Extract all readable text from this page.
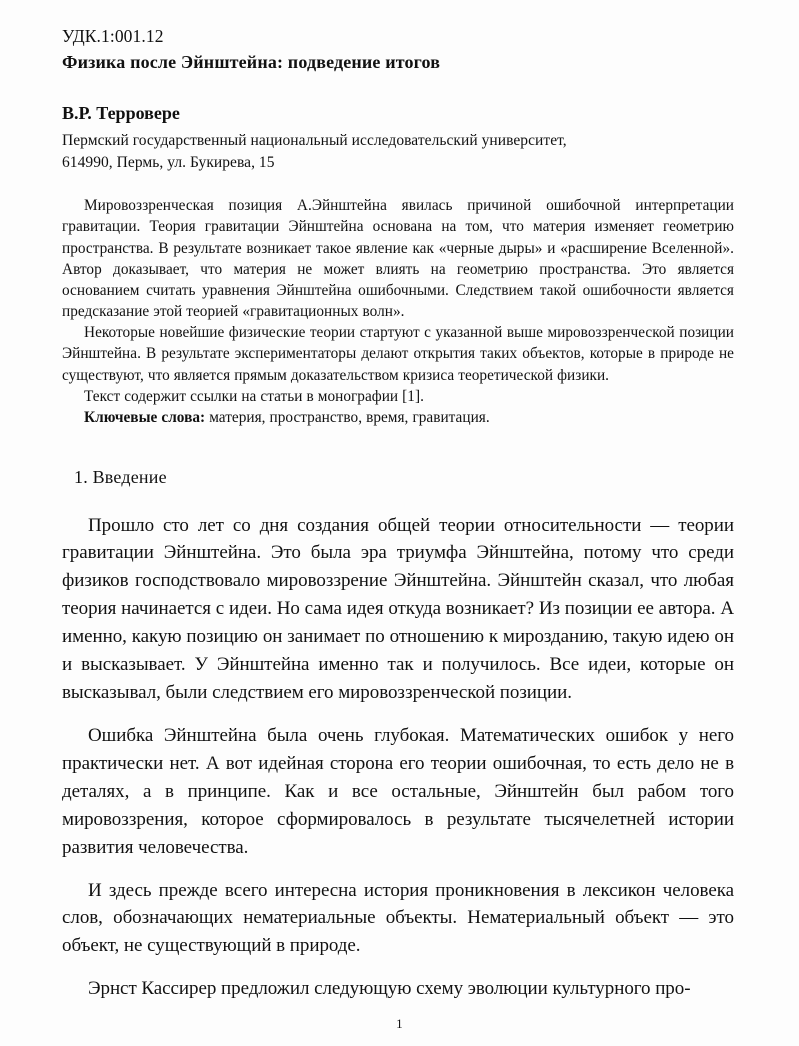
УДК.1:001.12
Физика после Эйнштейна: подведение итогов
В.Р. Терровере
Пермский государственный национальный исследовательский университет,
614990, Пермь, ул. Букирева, 15

Мировоззренческая позиция А.Эйнштейна явилась причиной ошибочной интерпретации гравитации. Теория гравитации Эйнштейна основана на том, что материя изменяет геометрию пространства. В результате возникает такое явление как «черные дыры» и «расширение Вселенной». Автор доказывает, что материя не может влиять на геометрию пространства. Это является основанием считать уравнения Эйнштейна ошибочными. Следствием такой ошибочности является предсказание этой теорией «гравитационных волн».

Некоторые новейшие физические теории стартуют с указанной выше мировоззренческой позиции Эйнштейна. В результате экспериментаторы делают открытия таких объектов, которые в природе не существуют, что является прямым доказательством кризиса теоретической физики.

Текст содержит ссылки на статьи в монографии [1].

Ключевые слова: материя, пространство, время, гравитация.

1. Введение

Прошло сто лет со дня создания общей теории относительности — теории гравитации Эйнштейна. Это была эра триумфа Эйнштейна, потому что среди физиков господствовало мировоззрение Эйнштейна. Эйнштейн сказал, что любая теория начинается с идеи. Но сама идея откуда возникает? Из позиции ее автора. А именно, какую позицию он занимает по отношению к мирозданию, такую идею он и высказывает. У Эйнштейна именно так и получилось. Все идеи, которые он высказывал, были следствием его мировоззренческой позиции.

Ошибка Эйнштейна была очень глубокая. Математических ошибок у него практически нет. А вот идейная сторона его теории ошибочная, то есть дело не в деталях, а в принципе. Как и все остальные, Эйнштейн был рабом того мировоззрения, которое сформировалось в результате тысячелетней истории развития человечества.

И здесь прежде всего интересна история проникновения в лексикон человека слов, обозначающих нематериальные объекты. Нематериальный объект — это объект, не существующий в природе.

Эрнст Кассирер предложил следующую схему эволюции культурного про-

1
